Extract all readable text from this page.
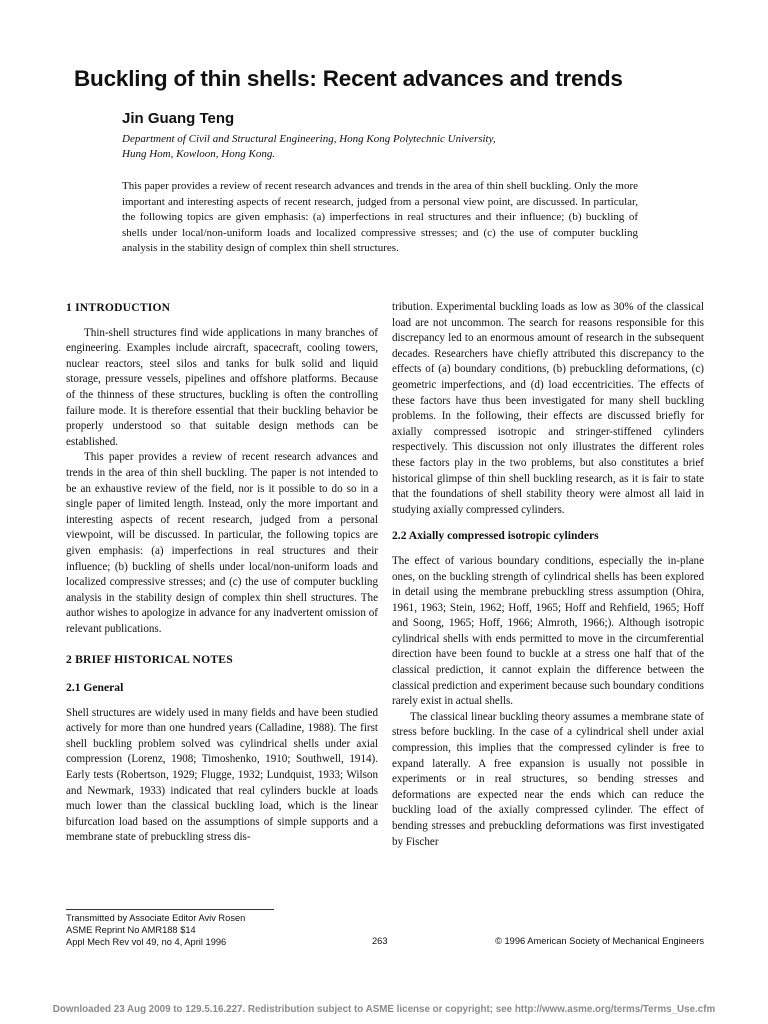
Buckling of thin shells: Recent advances and trends
Jin Guang Teng
Department of Civil and Structural Engineering, Hong Kong Polytechnic University,
Hung Hom, Kowloon, Hong Kong.

This paper provides a review of recent research advances and trends in the area of thin shell buckling. Only the more important and interesting aspects of recent research, judged from a personal view point, are discussed. In particular, the following topics are given emphasis: (a) imperfections in real structures and their influence; (b) buckling of shells under local/non-uniform loads and localized compressive stresses; and (c) the use of computer buckling analysis in the stability design of complex thin shell structures.

1 INTRODUCTION

Thin-shell structures find wide applications in many branches of engineering. Examples include aircraft, spacecraft, cooling towers, nuclear reactors, steel silos and tanks for bulk solid and liquid storage, pressure vessels, pipelines and offshore platforms. Because of the thinness of these structures, buckling is often the controlling failure mode. It is therefore essential that their buckling behavior be properly understood so that suitable design methods can be established.

This paper provides a review of recent research advances and trends in the area of thin shell buckling. The paper is not intended to be an exhaustive review of the field, nor is it possible to do so in a single paper of limited length. Instead, only the more important and interesting aspects of recent research, judged from a personal viewpoint, will be discussed. In particular, the following topics are given emphasis: (a) imperfections in real structures and their influence; (b) buckling of shells under local/non-uniform loads and localized compressive stresses; and (c) the use of computer buckling analysis in the stability design of complex thin shell structures. The author wishes to apologize in advance for any inadvertent omission of relevant publications.

2 BRIEF HISTORICAL NOTES
2.1 General

Shell structures are widely used in many fields and have been studied actively for more than one hundred years (Calladine, 1988). The first shell buckling problem solved was cylindrical shells under axial compression (Lorenz, 1908; Timoshenko, 1910; Southwell, 1914). Early tests (Robertson, 1929; Flugge, 1932; Lundquist, 1933; Wilson and Newmark, 1933) indicated that real cylinders buckle at loads much lower than the classical buckling load, which is the linear bifurcation load based on the assumptions of simple supports and a membrane state of prebuckling stress dis-

tribution. Experimental buckling loads as low as 30% of the classical load are not uncommon. The search for reasons responsible for this discrepancy led to an enormous amount of research in the subsequent decades. Researchers have chiefly attributed this discrepancy to the effects of (a) boundary conditions, (b) prebuckling deformations, (c) geometric imperfections, and (d) load eccentricities. The effects of these factors have thus been investigated for many shell buckling problems. In the following, their effects are discussed briefly for axially compressed isotropic and stringer-stiffened cylinders respectively. This discussion not only illustrates the different roles these factors play in the two problems, but also constitutes a brief historical glimpse of thin shell buckling research, as it is fair to state that the foundations of shell stability theory were almost all laid in studying axially compressed cylinders.

2.2 Axially compressed isotropic cylinders

The effect of various boundary conditions, especially the in-plane ones, on the buckling strength of cylindrical shells has been explored in detail using the membrane prebuckling stress assumption (Ohira, 1961, 1963; Stein, 1962; Hoff, 1965; Hoff and Rehfield, 1965; Hoff and Soong, 1965; Hoff, 1966; Almroth, 1966;). Although isotropic cylindrical shells with ends permitted to move in the circumferential direction have been found to buckle at a stress one half that of the classical prediction, it cannot explain the difference between the classical prediction and experiment because such boundary conditions rarely exist in actual shells.

The classical linear buckling theory assumes a membrane state of stress before buckling. In the case of a cylindrical shell under axial compression, this implies that the compressed cylinder is free to expand laterally. A free expansion is usually not possible in experiments or in real structures, so bending stresses and deformations are expected near the ends which can reduce the buckling load of the axially compressed cylinder. The effect of bending stresses and prebuckling deformations was first investigated by Fischer

Transmitted by Associate Editor Aviv Rosen
ASME Reprint No AMR188 $14
Appl Mech Rev vol 49, no 4, April 1996	263	© 1996 American Society of Mechanical Engineers
Downloaded 23 Aug 2009 to 129.5.16.227. Redistribution subject to ASME license or copyright; see http://www.asme.org/terms/Terms_Use.cfm
